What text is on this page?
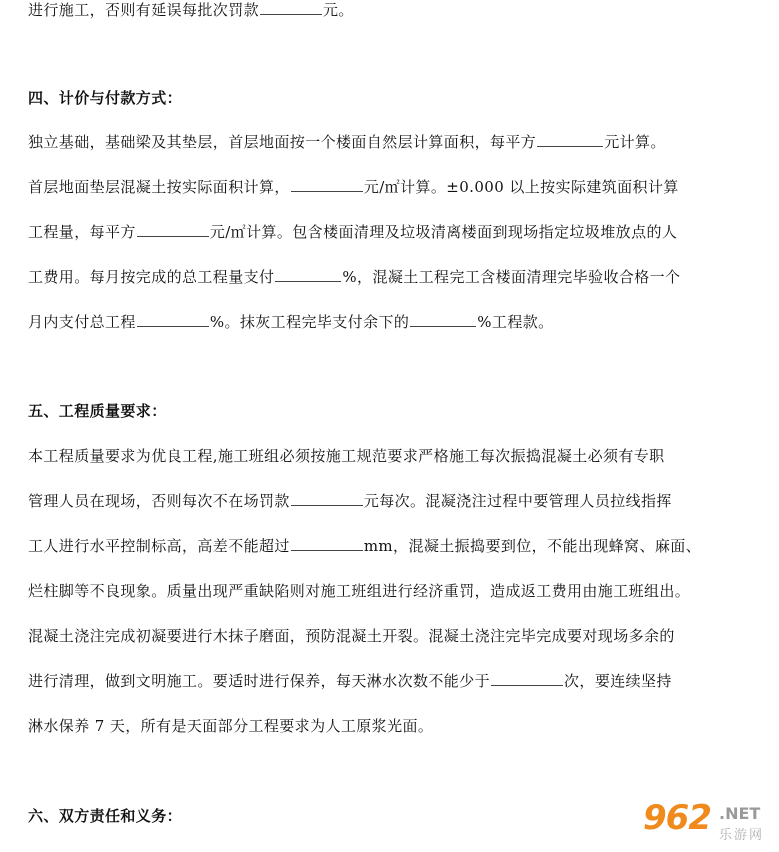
进行施工，否则有延误每批次罚款	元。
四、计价与付款方式：
独立基础，基础梁及其垫层，首层地面按一个楼面自然层计算面积，每平方	元计算。
首层地面垫层混凝土按实际面积计算，	元/㎡计算。±0.000 以上按实际建筑面积计算
工程量，每平方	元/㎡计算。包含楼面清理及垃圾清离楼面到现场指定垃圾堆放点的人
工费用。每月按完成的总工程量支付	%，混凝土工程完工含楼面清理完毕验收合格一个
月内支付总工程	%。抹灰工程完毕支付余下的	%工程款。
五、工程质量要求：
本工程质量要求为优良工程,施工班组必须按施工规范要求严格施工每次振捣混凝土必须有专职
管理人员在现场，否则每次不在场罚款	元每次。混凝浇注过程中要管理人员拉线指挥
工人进行水平控制标高，高差不能超过	mm，混凝土振捣要到位，不能出现蜂窝、麻面、
烂柱脚等不良现象。质量出现严重缺陷则对施工班组进行经济重罚，造成返工费用由施工班组出。
混凝土浇注完成初凝要进行木抹子磨面，预防混凝土开裂。混凝土浇注完毕完成要对现场多余的
进行清理，做到文明施工。要适时进行保养，每天淋水次数不能少于	次，要连续坚持
淋水保养 7 天，所有是天面部分工程要求为人工原浆光面。
六、双方责任和义务：	962 .NET
乐游网
